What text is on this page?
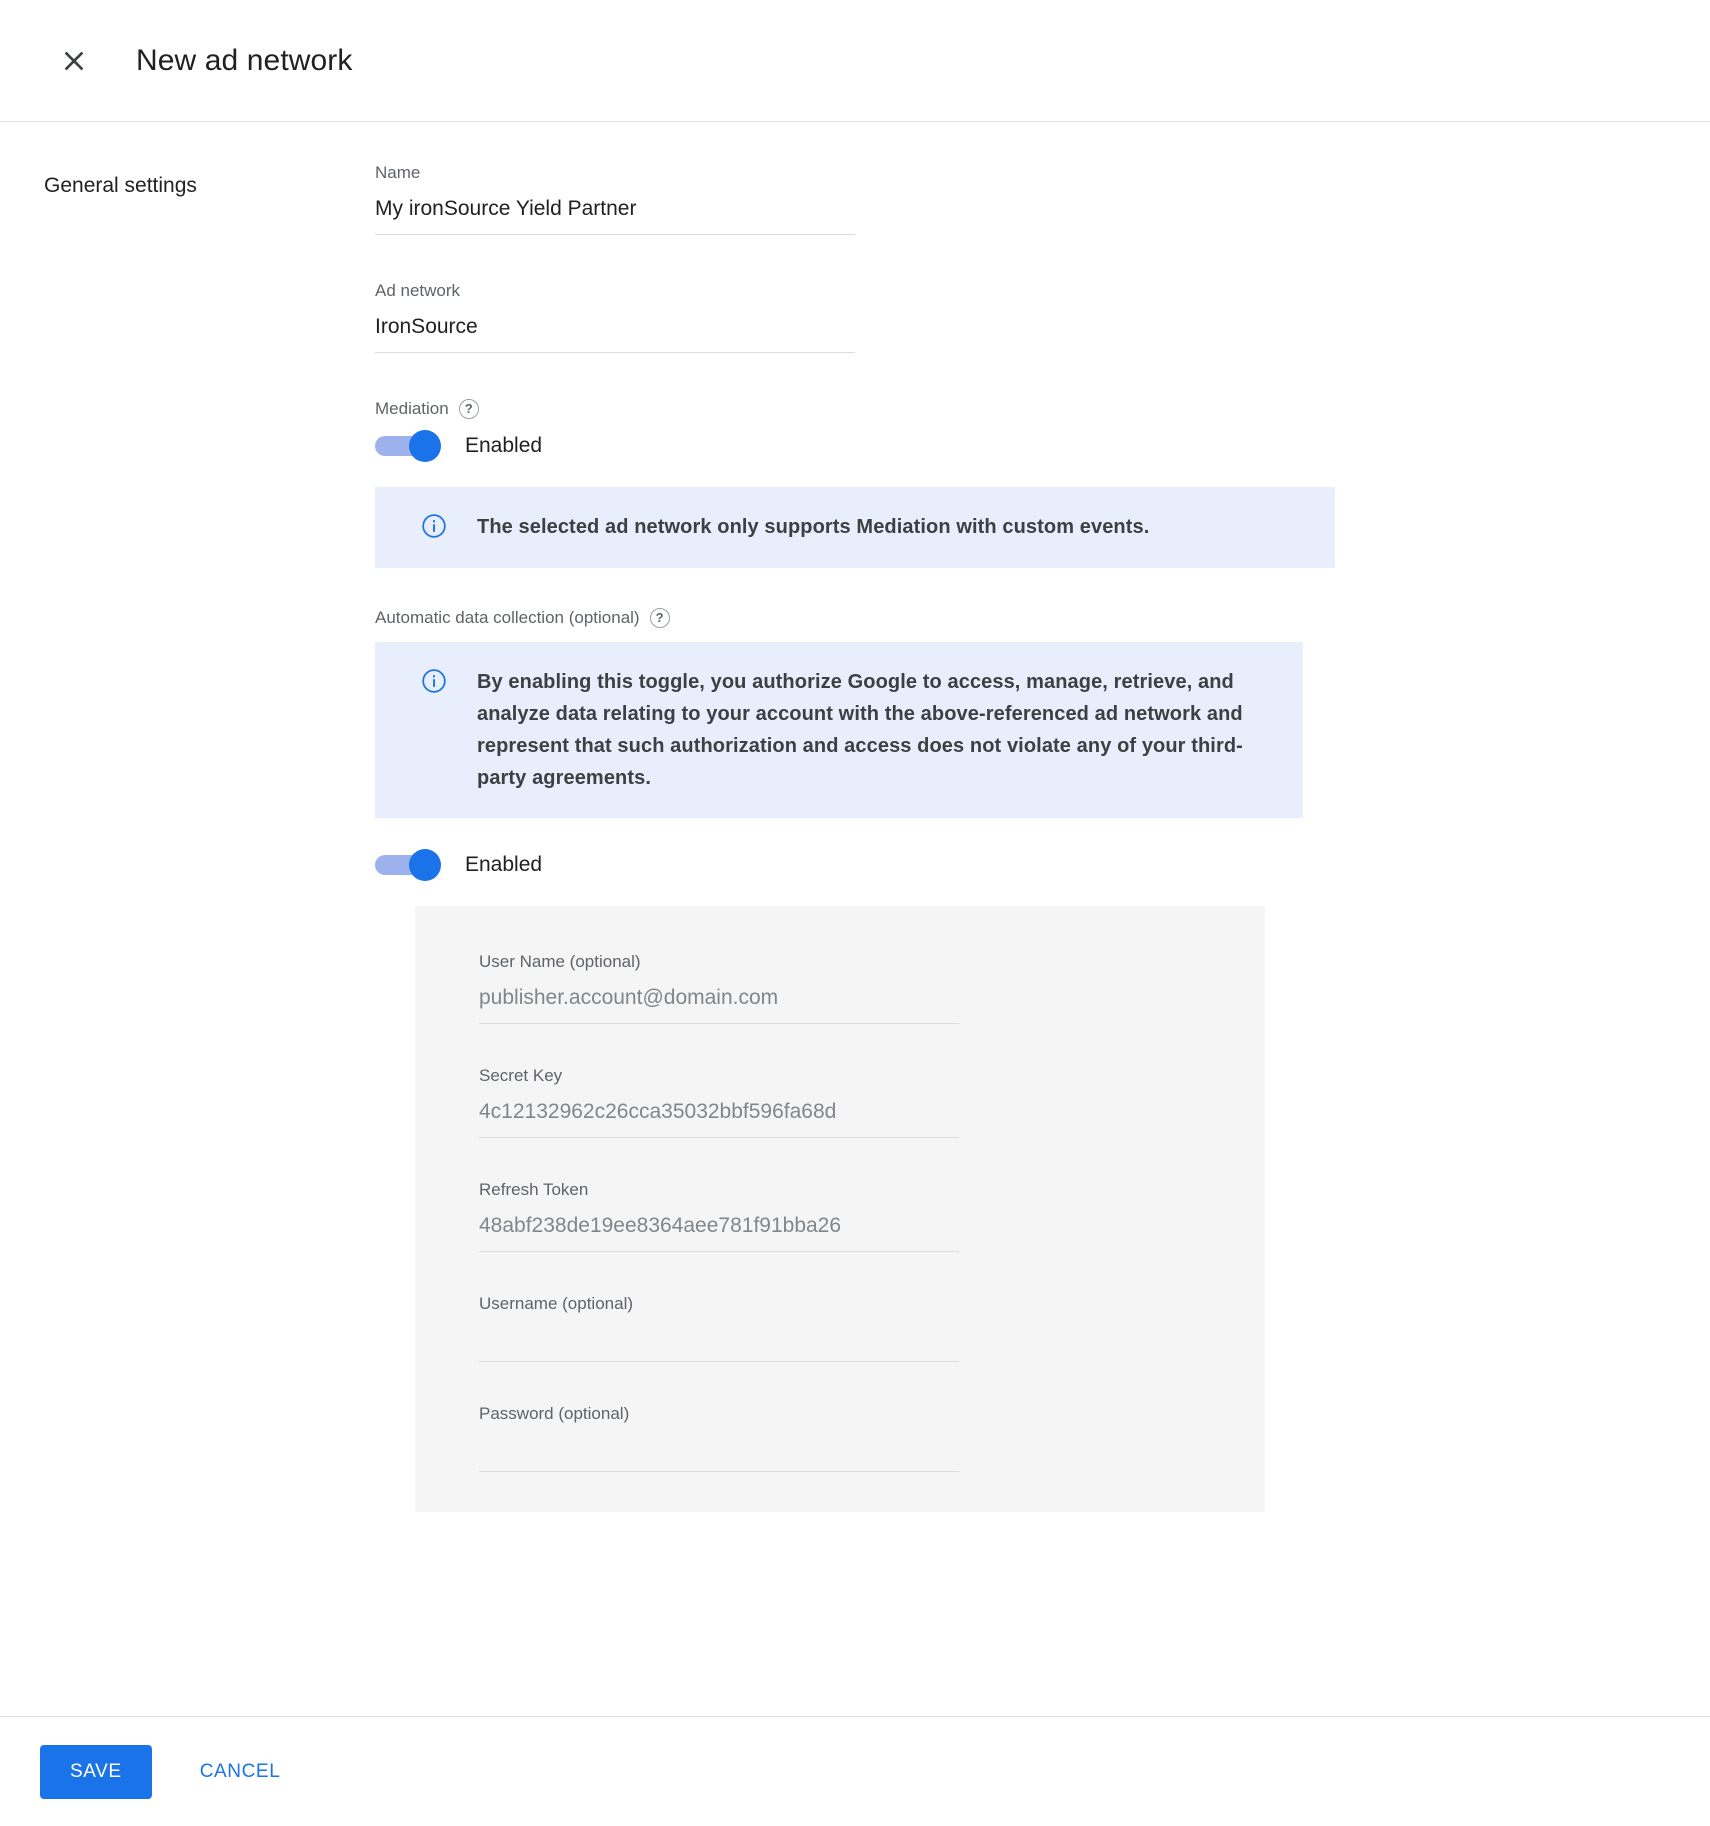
New ad network
General settings
Name
My ironSource Yield Partner
Ad network
IronSource
Mediation	?
Enabled
The selected ad network only supports Mediation with custom events.
Automatic data collection (optional)	?
By enabling this toggle, you authorize Google to access, manage, retrieve, and analyze data relating to your account with the above-referenced ad network and represent that such authorization and access does not violate any of your third-party agreements.
Enabled
User Name (optional)
publisher.account@domain.com
Secret Key
4c12132962c26cca35032bbf596fa68d
Refresh Token
48abf238de19ee8364aee781f91bba26
Username (optional)
Password (optional)
SAVE	CANCEL
